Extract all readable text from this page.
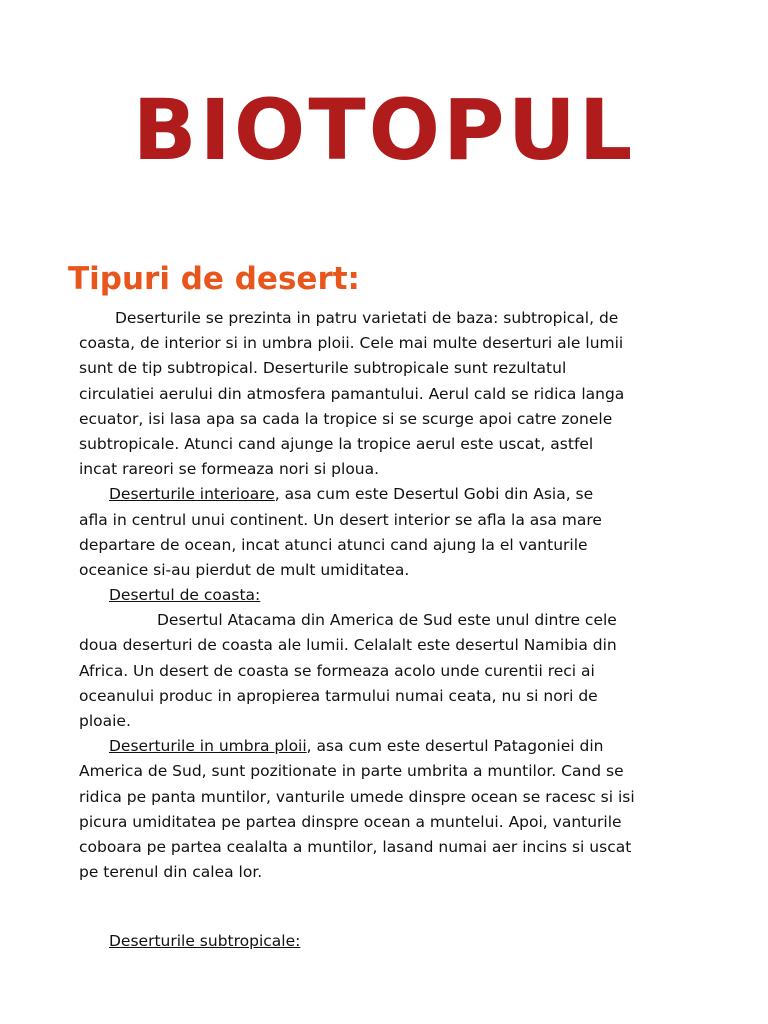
BIOTOPUL
Tipuri de desert:
Deserturile se prezinta in patru varietati de baza: subtropical, de
coasta, de interior si in umbra ploii. Cele mai multe deserturi ale lumii
sunt de tip subtropical. Deserturile subtropicale sunt rezultatul
circulatiei aerului din atmosfera pamantului. Aerul cald se ridica langa
ecuator, isi lasa apa sa cada la tropice si se scurge apoi catre zonele
subtropicale. Atunci cand ajunge la tropice aerul este uscat, astfel
incat rareori se formeaza nori si ploua.
Deserturile interioare, asa cum este Desertul Gobi din Asia, se
afla in centrul unui continent. Un desert interior se afla la asa mare
departare de ocean, incat atunci atunci cand ajung la el vanturile
oceanice si-au pierdut de mult umiditatea.
Desertul de coasta:
Desertul Atacama din America de Sud este unul dintre cele
doua deserturi de coasta ale lumii. Celalalt este desertul Namibia din
Africa. Un desert de coasta se formeaza acolo unde curentii reci ai
oceanului produc in apropierea tarmului numai ceata, nu si nori de
ploaie.
Deserturile in umbra ploii, asa cum este desertul Patagoniei din
America de Sud, sunt pozitionate in parte umbrita a muntilor. Cand se
ridica pe panta muntilor, vanturile umede dinspre ocean se racesc si isi
picura umiditatea pe partea dinspre ocean a muntelui. Apoi, vanturile
coboara pe partea cealalta a muntilor, lasand numai aer incins si uscat
pe terenul din calea lor.
Deserturile subtropicale:
